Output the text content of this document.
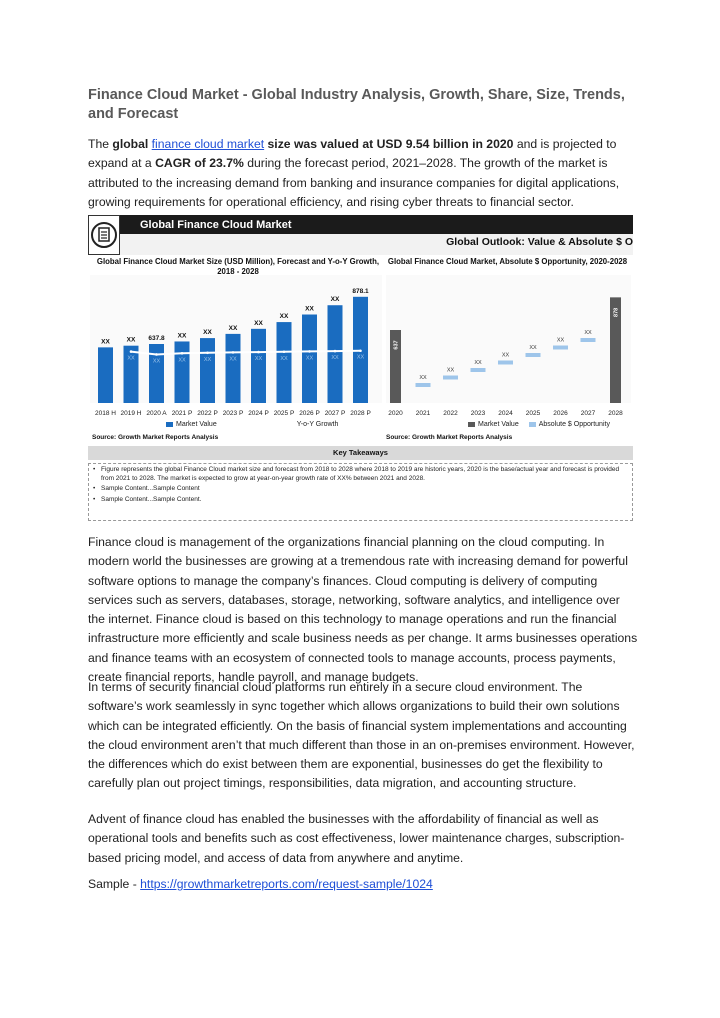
Finance Cloud Market - Global Industry Analysis, Growth, Share, Size, Trends, and Forecast

The global finance cloud market size was valued at USD 9.54 billion in 2020 and is projected to expand at a CAGR of 23.7% during the forecast period, 2021–2028. The growth of the market is attributed to the increasing demand from banking and insurance companies for digital applications, growing requirements for operational efficiency, and rising cyber threats to financial sector.

Global Finance Cloud Market
Global Outlook: Value & Absolute $ O
Global Finance Cloud Market Size (USD Million), Forecast and Y-o-Y Growth, 2018 - 2028
Global Finance Cloud Market, Absolute $ Opportunity, 2020-2028
XX
2018 H
XX
2019 H
XX
637.8
2020 A
XX
XX
2021 P
XX
XX
2022 P
XX
XX
2023 P
XX
XX
2024 P
XX
XX
2025 P
XX
XX
2026 P
XX
XX
2027 P
XX
878.1
2028 P
XX
637
2020
XX
2021
XX
2022
XX
2023
XX
2024
XX
2025
XX
2026
XX
2027
878
2028
Market Value	Y-o-Y Growth	Market Value	Absolute $ Opportunity
Source: Growth Market Reports Analysis	Source: Growth Market Reports Analysis
Key Takeaways
• Figure represents the global Finance Cloud market size and forecast from 2018 to 2028 where 2018 to 2019 are historic years, 2020 is the base/actual year and forecast is provided from 2021 to 2028. The market is expected to grow at year-on-year growth rate of XX% between 2021 and 2028.
• Sample Content...Sample Content
• Sample Content...Sample Content.

Finance cloud is management of the organizations financial planning on the cloud computing. In modern world the businesses are growing at a tremendous rate with increasing demand for powerful software options to manage the company’s finances. Cloud computing is delivery of computing services such as servers, databases, storage, networking, software analytics, and intelligence over the internet. Finance cloud is based on this technology to manage operations and run the financial infrastructure more efficiently and scale business needs as per change. It arms businesses operations and finance teams with an ecosystem of connected tools to manage accounts, process payments, create financial reports, handle payroll, and manage budgets.

In terms of security financial cloud platforms run entirely in a secure cloud environment. The software’s work seamlessly in sync together which allows organizations to build their own solutions which can be integrated efficiently. On the basis of financial system implementations and accounting the cloud environment aren’t that much different than those in an on-premises environment. However, the differences which do exist between them are exponential, businesses do get the flexibility to carefully plan out project timings, responsibilities, data migration, and accounting structure.

Advent of finance cloud has enabled the businesses with the affordability of financial as well as operational tools and benefits such as cost effectiveness, lower maintenance charges, subscription-based pricing model, and access of data from anywhere and anytime.

Sample - https://growthmarketreports.com/request-sample/1024
